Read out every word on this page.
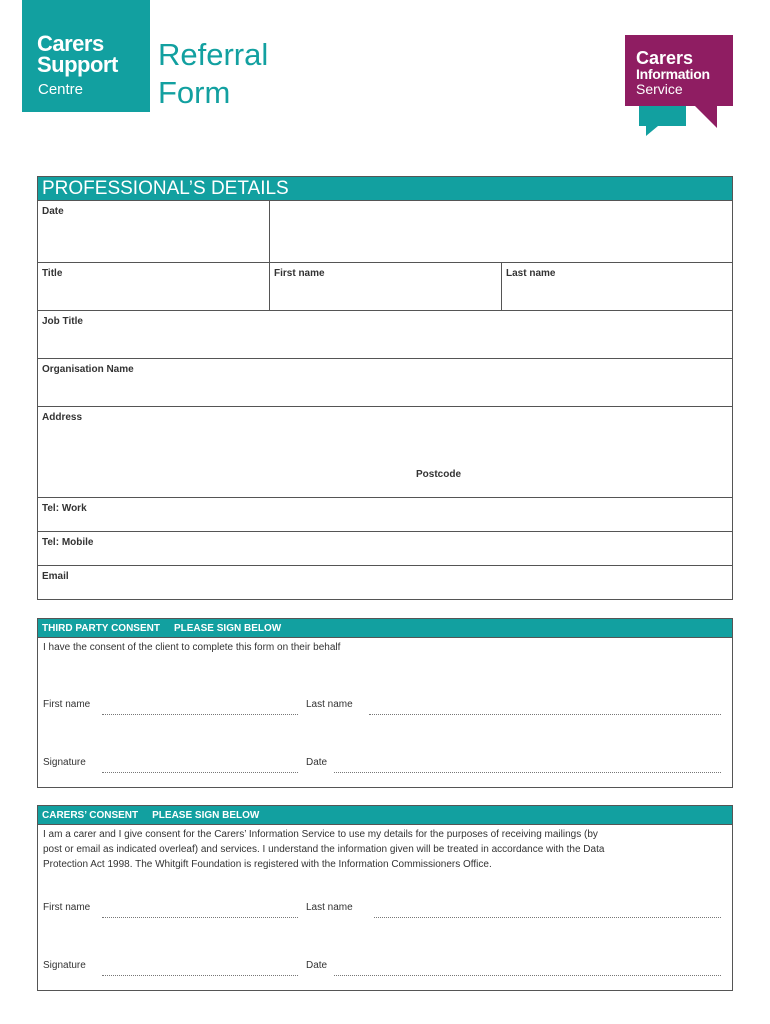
Carers
Support
Centre
Referral
Form
Carers
Information
Service
PROFESSIONAL’S DETAILS
Date
Title	First name	Last name
Job Title
Organisation Name
Address
Postcode
Tel: Work
Tel: Mobile
Email
THIRD PARTY CONSENT PLEASE SIGN BELOW
I have the consent of the client to complete this form on their behalf
First name	Last name
Signature	Date
CARERS’ CONSENT PLEASE SIGN BELOW
I am a carer and I give consent for the Carers’ Information Service to use my details for the purposes of receiving mailings (by
post or email as indicated overleaf) and services. I understand the information given will be treated in accordance with the Data
Protection Act 1998. The Whitgift Foundation is registered with the Information Commissioners Office.
First name	Last name
Signature	Date
